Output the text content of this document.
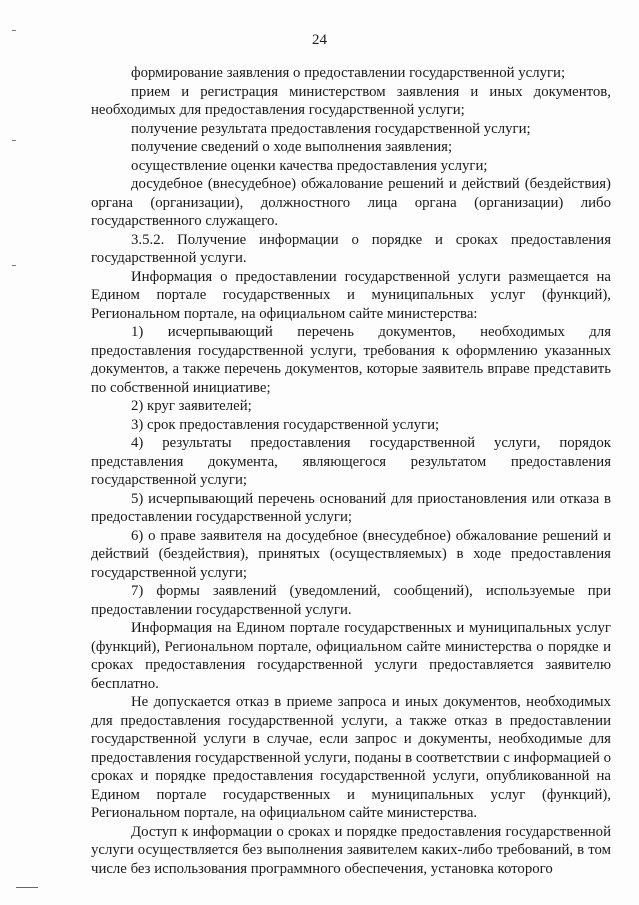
24

формирование заявления о предоставлении государственной услуги;

прием и регистрация министерством заявления и иных документов, необходимых для предоставления государственной услуги;

получение результата предоставления государственной услуги;

получение сведений о ходе выполнения заявления;

осуществление оценки качества предоставления услуги;

досудебное (внесудебное) обжалование решений и действий (бездействия) органа (организации), должностного лица органа (организации) либо государственного служащего.

3.5.2. Получение информации о порядке и сроках предоставления государственной услуги.

Информация о предоставлении государственной услуги размещается на Едином портале государственных и муниципальных услуг (функций), Региональном портале, на официальном сайте министерства:

1) исчерпывающий перечень документов, необходимых для предоставления государственной услуги, требования к оформлению указанных документов, а также перечень документов, которые заявитель вправе представить по собственной инициативе;

2) круг заявителей;

3) срок предоставления государственной услуги;

4) результаты предоставления государственной услуги, порядок представления документа, являющегося результатом предоставления государственной услуги;

5) исчерпывающий перечень оснований для приостановления или отказа в предоставлении государственной услуги;

6) о праве заявителя на досудебное (внесудебное) обжалование решений и действий (бездействия), принятых (осуществляемых) в ходе предоставления государственной услуги;

7) формы заявлений (уведомлений, сообщений), используемые при предоставлении государственной услуги.

Информация на Едином портале государственных и муниципальных услуг (функций), Региональном портале, официальном сайте министерства о порядке и сроках предоставления государственной услуги предоставляется заявителю бесплатно.

Не допускается отказ в приеме запроса и иных документов, необходимых для предоставления государственной услуги, а также отказ в предоставлении государственной услуги в случае, если запрос и документы, необходимые для предоставления государственной услуги, поданы в соответствии с информацией о сроках и порядке предоставления государственной услуги, опубликованной на Едином портале государственных и муниципальных услуг (функций), Региональном портале, на официальном сайте министерства.

Доступ к информации о сроках и порядке предоставления государственной услуги осуществляется без выполнения заявителем каких-либо требований, в том числе без использования программного обеспечения, установка которого
